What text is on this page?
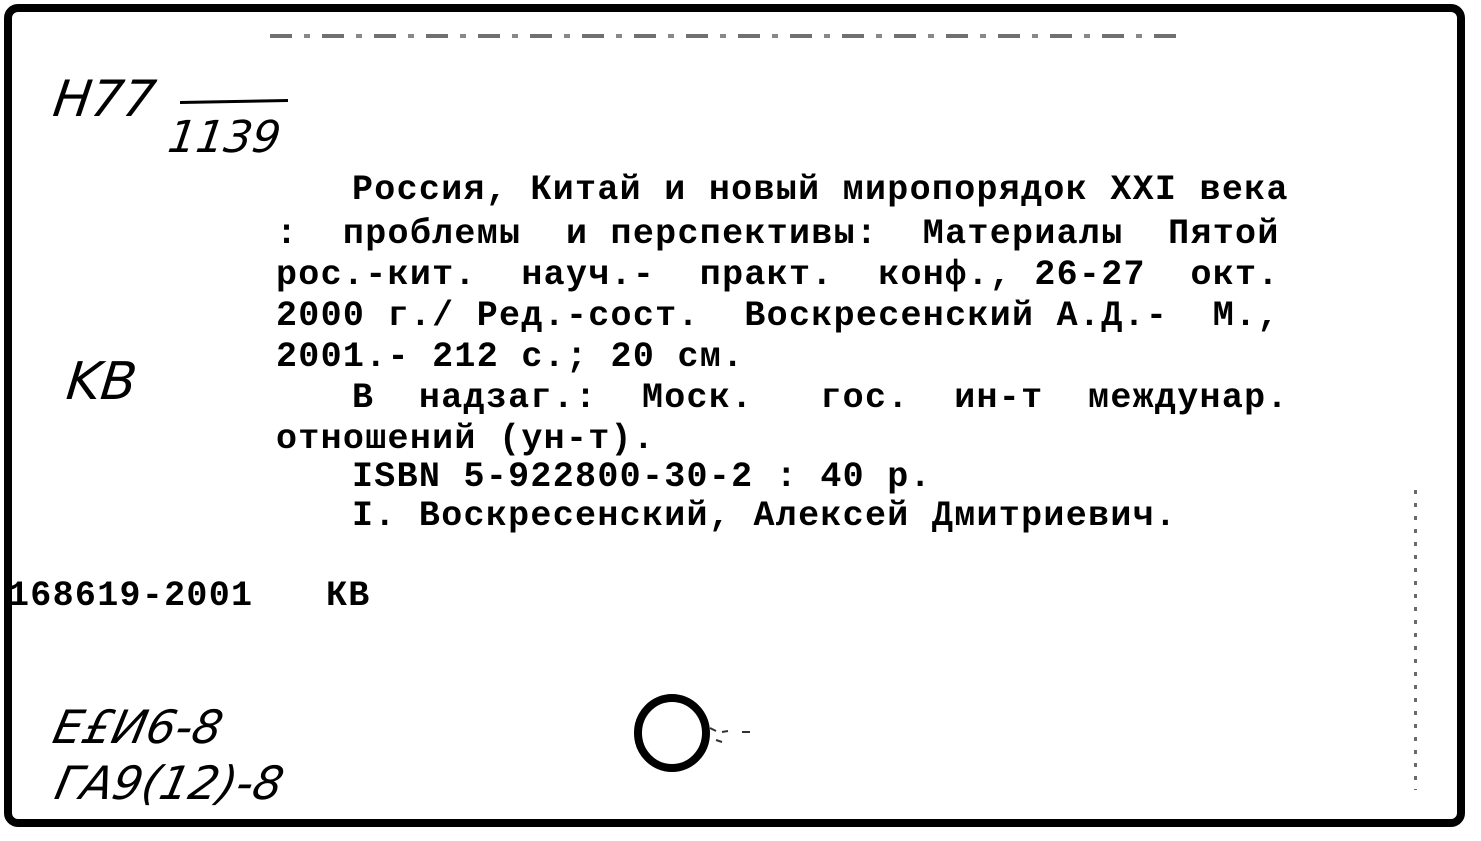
H77
1139
KB
Россия, Китай и новый миропорядок XXI века
:  проблемы  и перспективы:  Материалы  Пятой
рос.-кит.  науч.-  практ.  конф., 26-27  окт.
2000 г./ Ред.-сост.  Воскресенский А.Д.-  М.,
2001.- 212 с.; 20 см.
В  надзаг.:  Моск.   гос.  ин-т  междунар.
отношений (ун-т).
ISBN 5-922800-30-2 : 40 р.
I. Воскресенский, Алексей Дмитриевич.
168619-2001 КВ
Е£И6-8
ГА9(12)-8
